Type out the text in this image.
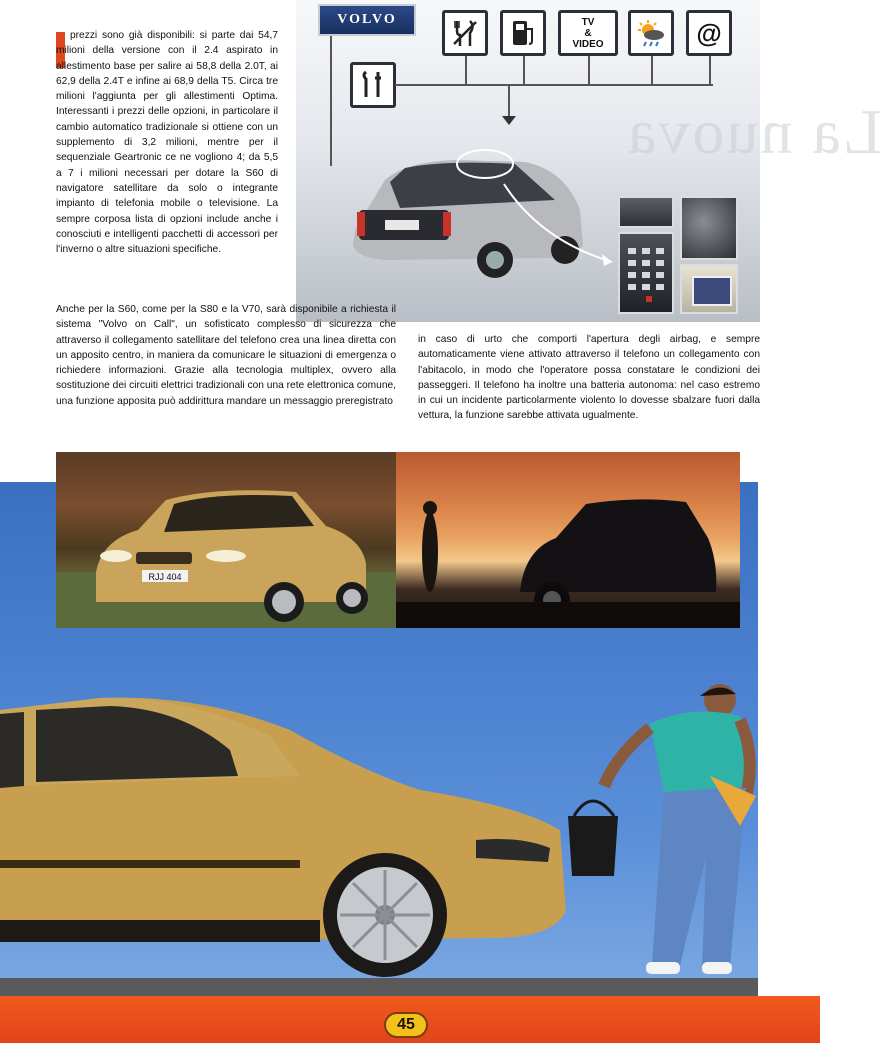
prezzi sono già disponibili: si parte dai 54,7 milioni della versione con il 2.4 aspirato in allestimento base per salire ai 58,8 della 2.0T, ai 62,9 della 2.4T e infine ai 68,9 della T5. Circa tre milioni l'aggiunta per gli allestimenti Optima. Interessanti i prezzi delle opzioni, in particolare il cambio automatico tradizionale si ottiene con un supplemento di 3,2 milioni, mentre per il sequenziale Geartronic ce ne vogliono 4; da 5,5 a 7 i milioni necessari per dotare la S60 di navigatore satellitare da solo o integrante impianto di telefonia mobile o televisione. La sempre corposa lista di opzioni include anche i conosciuti e intelligenti pacchetti di accessori per l'inverno o altre situazioni specifiche.

La nuova
VOLVO	TV
&
VIDEO	@
Anche per la S60, come per la S80 e la V70, sarà disponibile a richiesta il sistema "Volvo on Call", un sofisticato complesso di sicurezza che attraverso il collegamento satellitare del telefono crea una linea diretta con un apposito centro, in maniera da comunicare le situazioni di emergenza o richiedere informazioni. Grazie alla tecnologia multiplex, ovvero alla sostituzione dei circuiti elettrici tradizionali con una rete elettronica comune, una funzione apposita può addirittura mandare un messaggio preregistrato
in caso di urto che comporti l'apertura degli airbag, e sempre automaticamente viene attivato attraverso il telefono un collegamento con l'abitacolo, in modo che l'operatore possa constatare le condizioni dei passeggeri. Il telefono ha inoltre una batteria autonoma: nel caso estremo in cui un incidente particolarmente violento lo dovesse sbalzare fuori dalla vettura, la funzione sarebbe attivata ugualmente.
RJJ 404
45
